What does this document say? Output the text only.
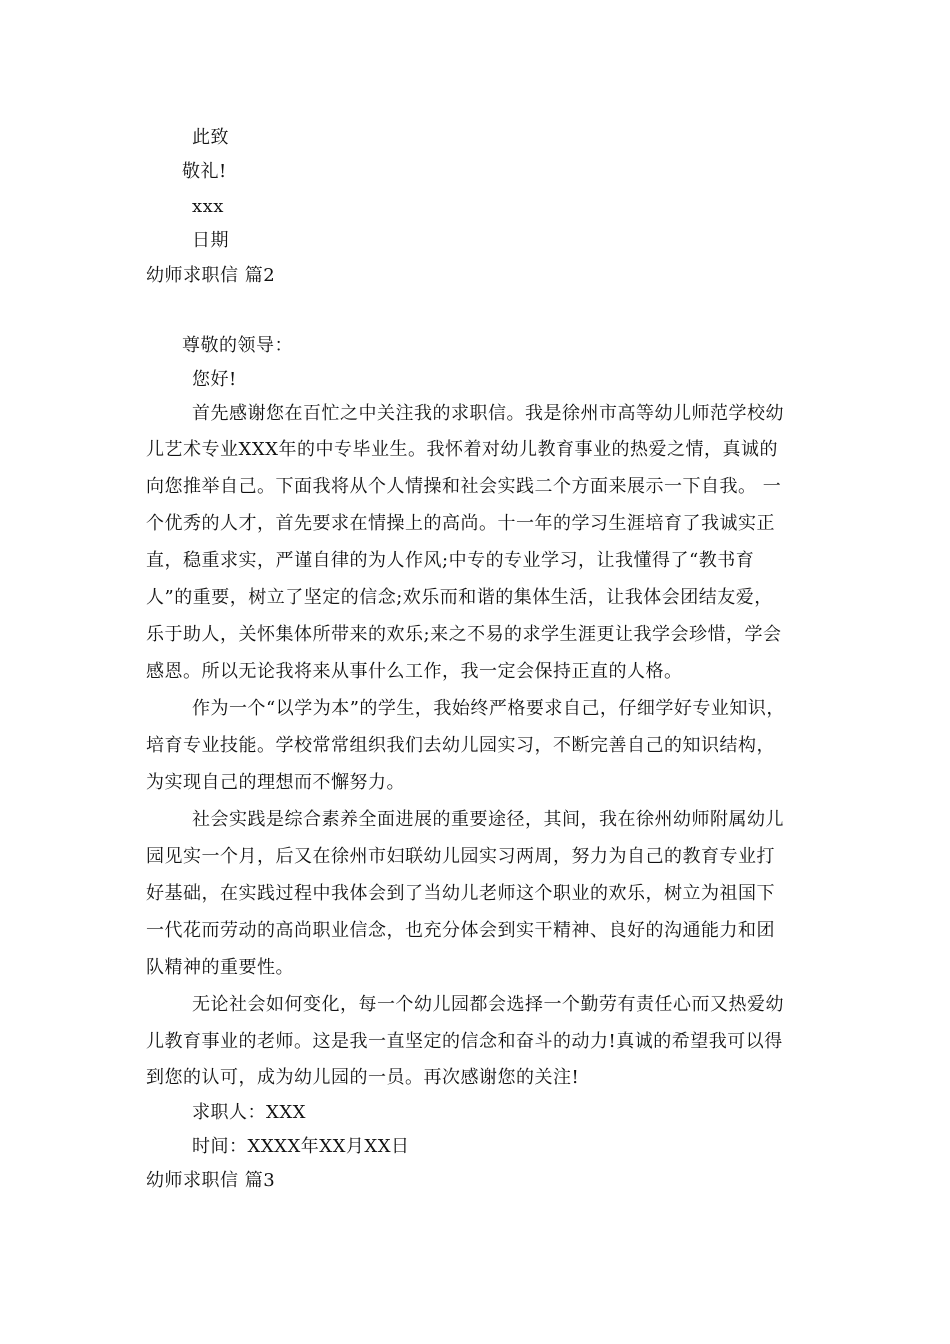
此致
敬礼!
xxx
日期
幼师求职信 篇2
尊敬的领导：
您好!
首先感谢您在百忙之中关注我的求职信。我是徐州市高等幼儿师范学校幼
儿艺术专业XXX年的中专毕业生。我怀着对幼儿教育事业的热爱之情，真诚的
向您推举自己。下面我将从个人情操和社会实践二个方面来展示一下自我。 一
个优秀的人才，首先要求在情操上的高尚。十一年的学习生涯培育了我诚实正
直，稳重求实，严谨自律的为人作风;中专的专业学习，让我懂得了“教书育
人”的重要，树立了坚定的信念;欢乐而和谐的集体生活，让我体会团结友爱，
乐于助人，关怀集体所带来的欢乐;来之不易的求学生涯更让我学会珍惜，学会
感恩。所以无论我将来从事什么工作，我一定会保持正直的人格。
作为一个“以学为本”的学生，我始终严格要求自己，仔细学好专业知识，
培育专业技能。学校常常组织我们去幼儿园实习，不断完善自己的知识结构，
为实现自己的理想而不懈努力。
社会实践是综合素养全面进展的重要途径，其间，我在徐州幼师附属幼儿
园见实一个月，后又在徐州市妇联幼儿园实习两周，努力为自己的教育专业打
好基础，在实践过程中我体会到了当幼儿老师这个职业的欢乐，树立为祖国下
一代花而劳动的高尚职业信念，也充分体会到实干精神、良好的沟通能力和团
队精神的重要性。
无论社会如何变化，每一个幼儿园都会选择一个勤劳有责任心而又热爱幼
儿教育事业的老师。这是我一直坚定的信念和奋斗的动力!真诚的希望我可以得
到您的认可，成为幼儿园的一员。再次感谢您的关注!
求职人：XXX
时间：XXXX年XX月XX日
幼师求职信 篇3
